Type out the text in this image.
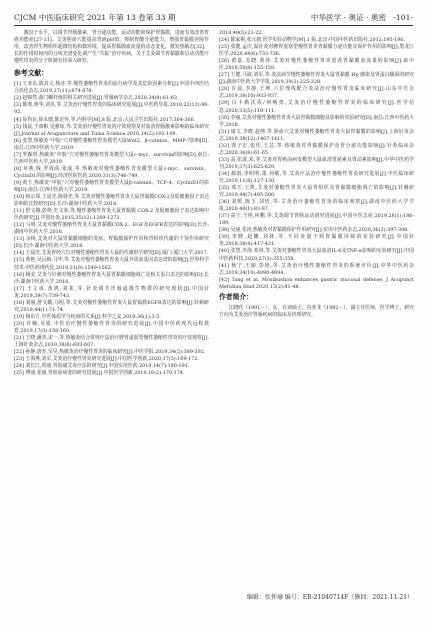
CJCM 中医临床研究 2021 年第 13 卷第 33 期	中华医学 · 奥证 · 奥密 -101-

激因子水平，以调节胃肠激素，胃分泌功能，运动功能和保护胃黏膜，进而有效改善胃癌功能症[27-31]。艾灸胆俞穴能提高胃液pH值，抑制胃酸分泌能力，增强胃黏膜屏障作用，改善胃生物组织超微结构和微环境，提高胃黏膜血流量的动态变化，激发热敏态[32]，长的作用时间内的分线光谱变化调产生“共振”治疗疾病，关于艾灸调节胃黏膜和启动功能疗慢性胃炎的分子机制有待深入研究。

参考文献：

[1] 王亚东,陈其文,杨济,等.慢性萎缩性胃炎的流行病学及其危险因素分析[J].中国中西医结合消化杂志,2019,27(11):874-878.

[2] 赵锦然.曲门螺杆菌的相关研究进展[J].胃肠病学杂志,2020,34(9):61-63.

[3] 陈寒,蒋华,刘英,等.艾灸治疗慢性胃炎的临床研究进展[J].中医药导报,2018,22(12):90-92.

[4] 易均瓦,徐永健,陈论怀,等.内科学[M].8 版.北京:人民卫生出版社,2017:364-366.

[5] 钱晨,王雨彬,吴雅琼,等.艾灸治疗慢性胃炎的疗效观察及对血清胃肠激素影响的临床研究[J].Journal of Acupuncture and Tuina Science,2016,14(2):101-109.

[6] 张慧,热敏灸“中脘”穴对慢性萎缩性胃炎模型大鼠Wnt2、β-catenin、MMP-7影响[D].南昌:江西中医药大学,2019.

[7] 罗森琪,热敏灸“中脘”穴对慢性萎缩性胃炎模型大鼠c-myc、survivin的影响[D].南昌:江西中医药大学,2019.

[8] 章燕,钱,罗成曲,张成,等.热敏灸对慢性萎缩性胃炎模型大鼠c-myc、survivin、CyclinD1的影响[J].经济医院医药,2020,31(3):746-749.

[9] 黄玉,热敏灸“中脘”穴对慢性萎缩性胃炎模型大鼠β-catenin、TCF-4、CyclinD1的影响[D].南昌:江西中医药大学,2019.

[10] 杨宗琛,王晨光,陈驿光,等.艾灸对慢性萎缩性胃炎大鼠胃黏膜COX-2及促细胞因子表达影响的比较研究[D].长沙:湖南中医药大学,2018.

[11] 舒文娥,彭艳,史文荣,等.慢性萎缩性胃炎大鼠胃黏膜 COX-2 及促细胞因子表达影响中医药研究[J].中国针灸,2015,35(12):1269-1273.

[12] 马明,艾灸对慢性萎缩性胃炎大鼠胃黏膜COX-2、EGF及EGFR表达的影响[D].长沙:湖南中医药大学,2018.

[13] 余杨,艾灸对大鼠胃黏膜细胞的炎症、胃黏膜保护作用和胃组织代谢的干预作用研究[D].长沙:湖南中医药大学,2018.

[14] 王晨光,艾灸胃经穴位对慢性萎缩性胃炎大鼠的代谢组学研究[D].厦门:厦门大学,2017.

[15] 黄艳,吴沅梅,马毕,等.艾灸对慢性萎缩性胃炎大鼠外周血基因表达谱的影响[J].世界科学技术-中医药现代化,2019,21(8):1549-1562.

[16] 杨美,艾灸与针刺对慢性萎缩性胃炎大鼠胃黏膜细胞凋亡及相关蛋白表达的影响[D].长沙:湖南中医药大学,2018.

[17] 王文成,黄鸿,刘某,等.针灸调节胃肠道微生物群的研究现状[J].中国针灸,2019,39(7):739-743.

[18] 刘丽,舒文娥,马明,等.艾灸对慢性萎缩性胃炎大鼠胃黏膜EGFR表达的影响[J].针刺研究,2019,44(1):71-74.

[19] 杨东方,中医体质学与疾病的关系[J].科学之友,2019,36(1):3-5.

[20] 许楠,吴娟,中医治疗慢性萎缩性胃炎的研究进展[J].中国中医药现代远程教育,2019,17(3):158-160.

[21] 王晓,潘杰,宋一,等.热敏灸结合常规疗法治疗脾胃虚弱型慢性萎缩性胃炎的疗效观察[J].上海针灸杂志,2019,38(6):603-607.

[22] 孙静,唐杰,吴昊,热敏灸治疗慢性胃炎的临床研究[J].中医学报,2019,34(2):389-392.

[23] 王海燕,刘军,艾灸治疗慢性胃炎研究进展[J].中国医学创新,2020,17(5):169-172.

[24] 刘长江,贾丽,胃脘痛艾灸疗法的研究[J].中国实用医药,2019,14(7):190-191.

[25] 傅丽,张丽,胃癌前病变的研究进展[J].中国医学创新,2019,16(2):170-174.

2018,49(5):21-22.

[24] 陈家祺,张元恕,医学实验动物学[M].1 版.北京:中国中医药出版社,2012:195-196.

[25] 张健,孟庆,温针灸对脾胃虚寒型慢性胃炎胃黏膜分泌功能及保护作用的影响[J].黑龙江医学,2020,44(6):733-736.

[26] 黄嘉,苏晓,黄萍.艾灸对慢性萎缩性胃炎患者胃黏膜血流量的影响[J].新中医,2018,50(8):155-158.

[27] 王健,马淑,刘军,等.灸法调节慢性萎缩性胃炎大鼠胃黏膜 Hp 感染及胃蛋白酶原的研究[J].湖南中医药大学学报,2019,39(2):225-228.

[28] 许晨,李静,王坤,六位理线配合灸法治疗慢性胃炎临床研究[J].山东中医杂志,2019,38(10):933-937.

[29] 白卡勒沃孜/何畅勇,艾灸治疗慢性萎缩性胃炎的临床研究[J].医学信息,2020,33(5):110-111.

[30] 李丽,艾灸对慢性萎缩性胃炎大鼠胃黏膜细胞及影响的实验研究[D].南昌:江西中医药大学,2018.

[31] 康文,李晓,赵坤,等.胆俞穴艾灸对慢性萎缩性胃炎大鼠胃黏膜的影响[J].上海针灸杂志,2019,38(12):1407-1411.

[32] 郭子宏,张佳,王芸,等.热敏灸对胃黏膜保护及胃分泌功能影响[J].针灸临床杂志,2020,36(8):61-65.

[33] 高,张波,邓,等.艾灸对胃癌前病变模型大鼠血清胃泌素及胃动素影响[J].中华中医药学刊,2019,37(3):625-629.

[34] 郝雨,李明明,萧,何敏,等.艾灸疗法治疗慢性萎缩性胃炎研究进展[J].中医临床研究,2019,11(8):127-130.

[35] 邓玉,王凯,艾灸对萎缩性胃炎大鼠胃组织及胃黏膜细胞凋亡的影响[J].针刺研究,2019,44(7):495-500.

[36] 刘媛,陈玉,刘恬,等.艾灸治疗萎缩性胃炎的临床观察[J].湖南中医药大学学报,2020,40(1):83-87.

[37] 高宁,王艳,何鹏,等.艾灸调节胃肠运动研究进展[J].中国中医急症,2019,28(1):186-189.

[38] 吴丽,张涛,热敏灸对胃黏膜保护作用研究[J].实用中医药杂志,2020,36(3):397-398.

[39] 李晓,赵鹏,刘林,等.不同灸量干预胃黏膜屏障的实验研究[J].中国针灸,2018,38(4):417-421.

[40] 张慧,李海,邓林,等.艾灸对萎缩性胃炎大鼠血清IL-6及TNF-α影响的实验研究[J].中国中医药科技,2020,27(3):355-358.

[41] 杨宁,王丽,彭艳,等.艾灸治疗慢性萎缩性胃炎的系统评价[J].中华中医药杂志,2019,34(10):4890-4894.

[42] Tang et al. Moxibustion enhances gastric mucosal defense, J Acupunct Meridian Stud 2020,13(2):41-48.

作者简介：

江晓欣（1991－），女，在读硕士。谷亚龙（1982－），副主任医师，医学博士，研究方向为艾灸治疗胃肠疾病的临床及机理研究。

编辑：张怀瑜 编号：EB-21040714F（修回：2021-11-21）
